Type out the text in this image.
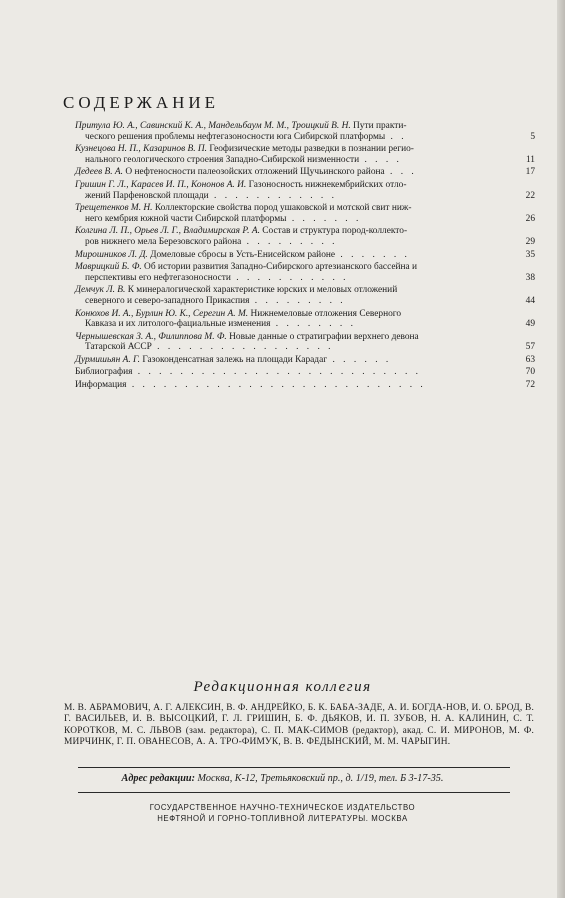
СОДЕРЖАНИЕ
Притула Ю. А., Савинский К. А., Мандельбаум М. М., Троицкий В. Н. Пути практи-
ческого решения проблемы нефтегазоносности юга Сибирской платформы . .	5
Кузнецова Н. П., Казаринов В. П. Геофизические методы разведки в познании регио-
нального геологического строения Западно-Сибирской низменности . . . .	11
Дедеев В. А. О нефтеносности палеозойских отложений Щучьинского района . . .	17
Гришин Г. Л., Карасев И. П., Кононов А. И. Газоносность нижнекембрийских отло-
жений Парфеновской площади . . . . . . . . . . . .	22
Трещетенков М. Н. Коллекторские свойства пород ушаковской и мотской свит ниж-
него кембрия южной части Сибирской платформы . . . . . . .	26
Колгина Л. П., Орьев Л. Г., Владимирская Р. А. Состав и структура пород-коллекто-
ров нижнего мела Березовского района . . . . . . . . .	29
Мирошников Л. Д. Домеловые сбросы в Усть-Енисейском районе . . . . . . .	35
Маврицкий Б. Ф. Об истории развития Западно-Сибирского артезианского бассейна и
перспективы его нефтегазоносности . . . . . . . . . . .	38
Демчук Л. В. К минералогической характеристике юрских и меловых отложений
северного и северо-западного Прикаспия . . . . . . . . .	44
Конюхов И. А., Бурлин Ю. К., Серегин А. М. Нижнемеловые отложения Северного
Кавказа и их литолого-фациальные изменения . . . . . . . .	49
Чернышевская З. А., Филиппова М. Ф. Новые данные о стратиграфии верхнего девона
Татарской АССР . . . . . . . . . . . . . . . . .	57
Дурмишьян А. Г. Газоконденсатная залежь на площади Карадаг . . . . . .	63
Библиография . . . . . . . . . . . . . . . . . . . . . . . . . . .	70
Информация . . . . . . . . . . . . . . . . . . . . . . . . . . . .	72
Редакционная коллегия
М. В. АБРАМОВИЧ, А. Г. АЛЕКСИН, В. Ф. АНДРЕЙКО, Б. К. БАБА-ЗАДЕ, А. И. БОГДА-НОВ, И. О. БРОД, В. Г. ВАСИЛЬЕВ, И. В. ВЫСОЦКИЙ, Г. Л. ГРИШИН, Б. Ф. ДЬЯКОВ, И. П. ЗУБОВ, Н. А. КАЛИНИН, С. Т. КОРОТКОВ, М. С. ЛЬВОВ (зам. редактора), С. П. МАК-СИМОВ (редактор), акад. С. И. МИРОНОВ, М. Ф. МИРЧИНК, Г. П. ОВАНЕСОВ, А. А. ТРО-ФИМУК, В. В. ФЕДЫНСКИЙ, М. М. ЧАРЫГИН.
Адрес редакции: Москва, К-12, Третьяковский пр., д. 1/19, тел. Б 3-17-35.
ГОСУДАРСТВЕННОЕ НАУЧНО-ТЕХНИЧЕСКОЕ ИЗДАТЕЛЬСТВО
НЕФТЯНОЙ И ГОРНО-ТОПЛИВНОЙ ЛИТЕРАТУРЫ. МОСКВА
